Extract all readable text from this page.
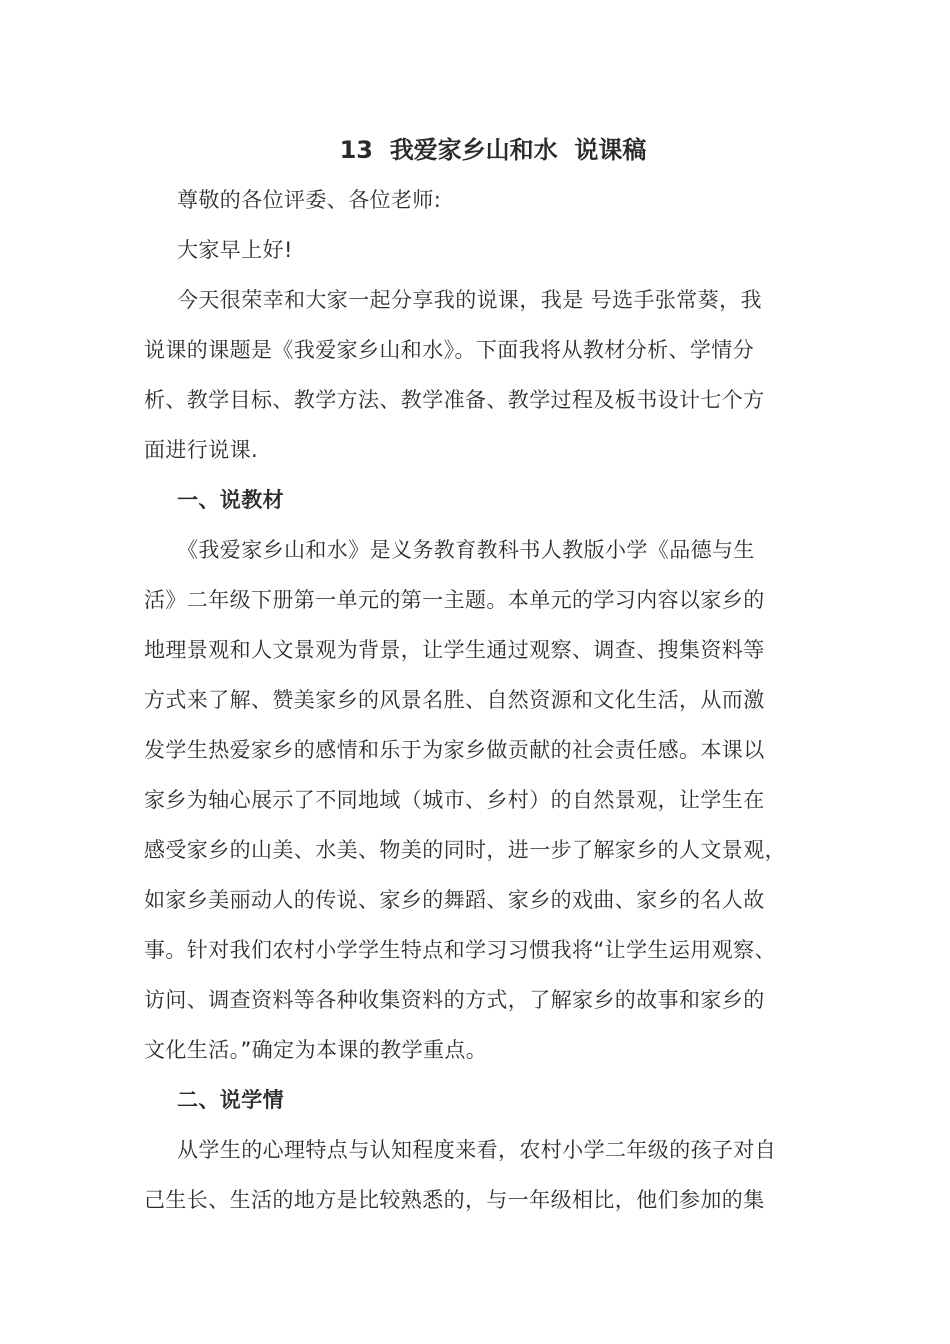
13  我爱家乡山和水  说课稿
尊敬的各位评委、各位老师:
大家早上好!
今天很荣幸和大家一起分享我的说课，我是 号选手张常葵，我
说课的课题是《我爱家乡山和水》。下面我将从教材分析、学情分
析、教学目标、教学方法、教学准备、教学过程及板书设计七个方
面进行说课.
一、说教材
《我爱家乡山和水》是义务教育教科书人教版小学《品德与生
活》二年级下册第一单元的第一主题。本单元的学习内容以家乡的
地理景观和人文景观为背景，让学生通过观察、调查、搜集资料等
方式来了解、赞美家乡的风景名胜、自然资源和文化生活，从而激
发学生热爱家乡的感情和乐于为家乡做贡献的社会责任感。本课以
家乡为轴心展示了不同地域（城市、乡村）的自然景观，让学生在
感受家乡的山美、水美、物美的同时，进一步了解家乡的人文景观，
如家乡美丽动人的传说、家乡的舞蹈、家乡的戏曲、家乡的名人故
事。针对我们农村小学学生特点和学习习惯我将“让学生运用观察、
访问、调查资料等各种收集资料的方式，了解家乡的故事和家乡的
文化生活。”确定为本课的教学重点。
二、说学情
从学生的心理特点与认知程度来看，农村小学二年级的孩子对自
己生长、生活的地方是比较熟悉的，与一年级相比，他们参加的集
